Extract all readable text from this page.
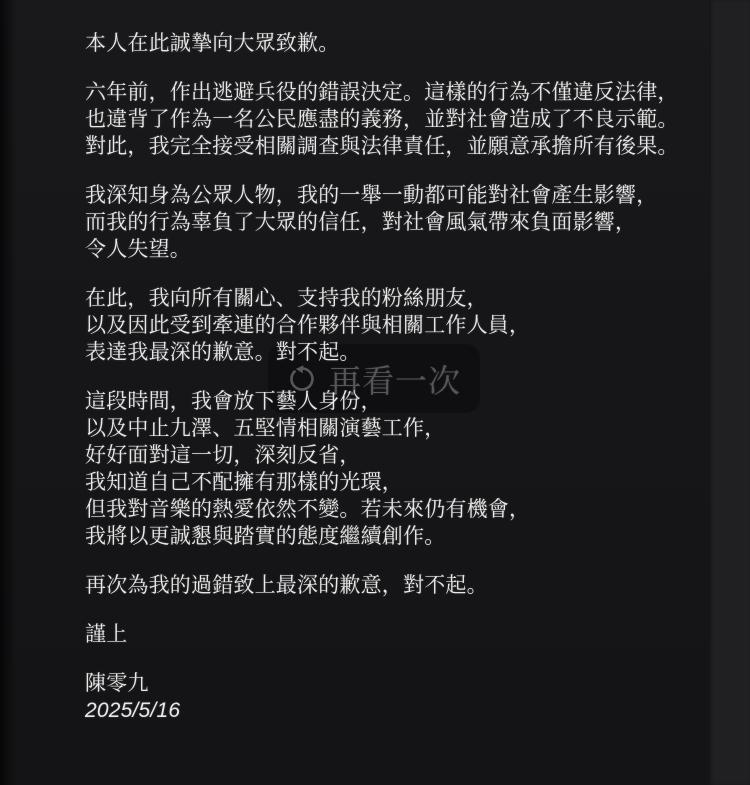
再看一次
本人在此誠摯向大眾致歉。
六年前，作出逃避兵役的錯誤決定。這樣的行為不僅違反法律，
也違背了作為一名公民應盡的義務，並對社會造成了不良示範。
對此，我完全接受相關調查與法律責任，並願意承擔所有後果。
我深知身為公眾人物，我的一舉一動都可能對社會產生影響，
而我的行為辜負了大眾的信任，對社會風氣帶來負面影響，
令人失望。
在此，我向所有關心、支持我的粉絲朋友，
以及因此受到牽連的合作夥伴與相關工作人員，
表達我最深的歉意。對不起。
這段時間，我會放下藝人身份，
以及中止九澤、五堅情相關演藝工作，
好好面對這一切，深刻反省，
我知道自己不配擁有那樣的光環，
但我對音樂的熱愛依然不變。若未來仍有機會，
我將以更誠懇與踏實的態度繼續創作。
再次為我的過錯致上最深的歉意，對不起。
謹上
陳零九
2025/5/16
